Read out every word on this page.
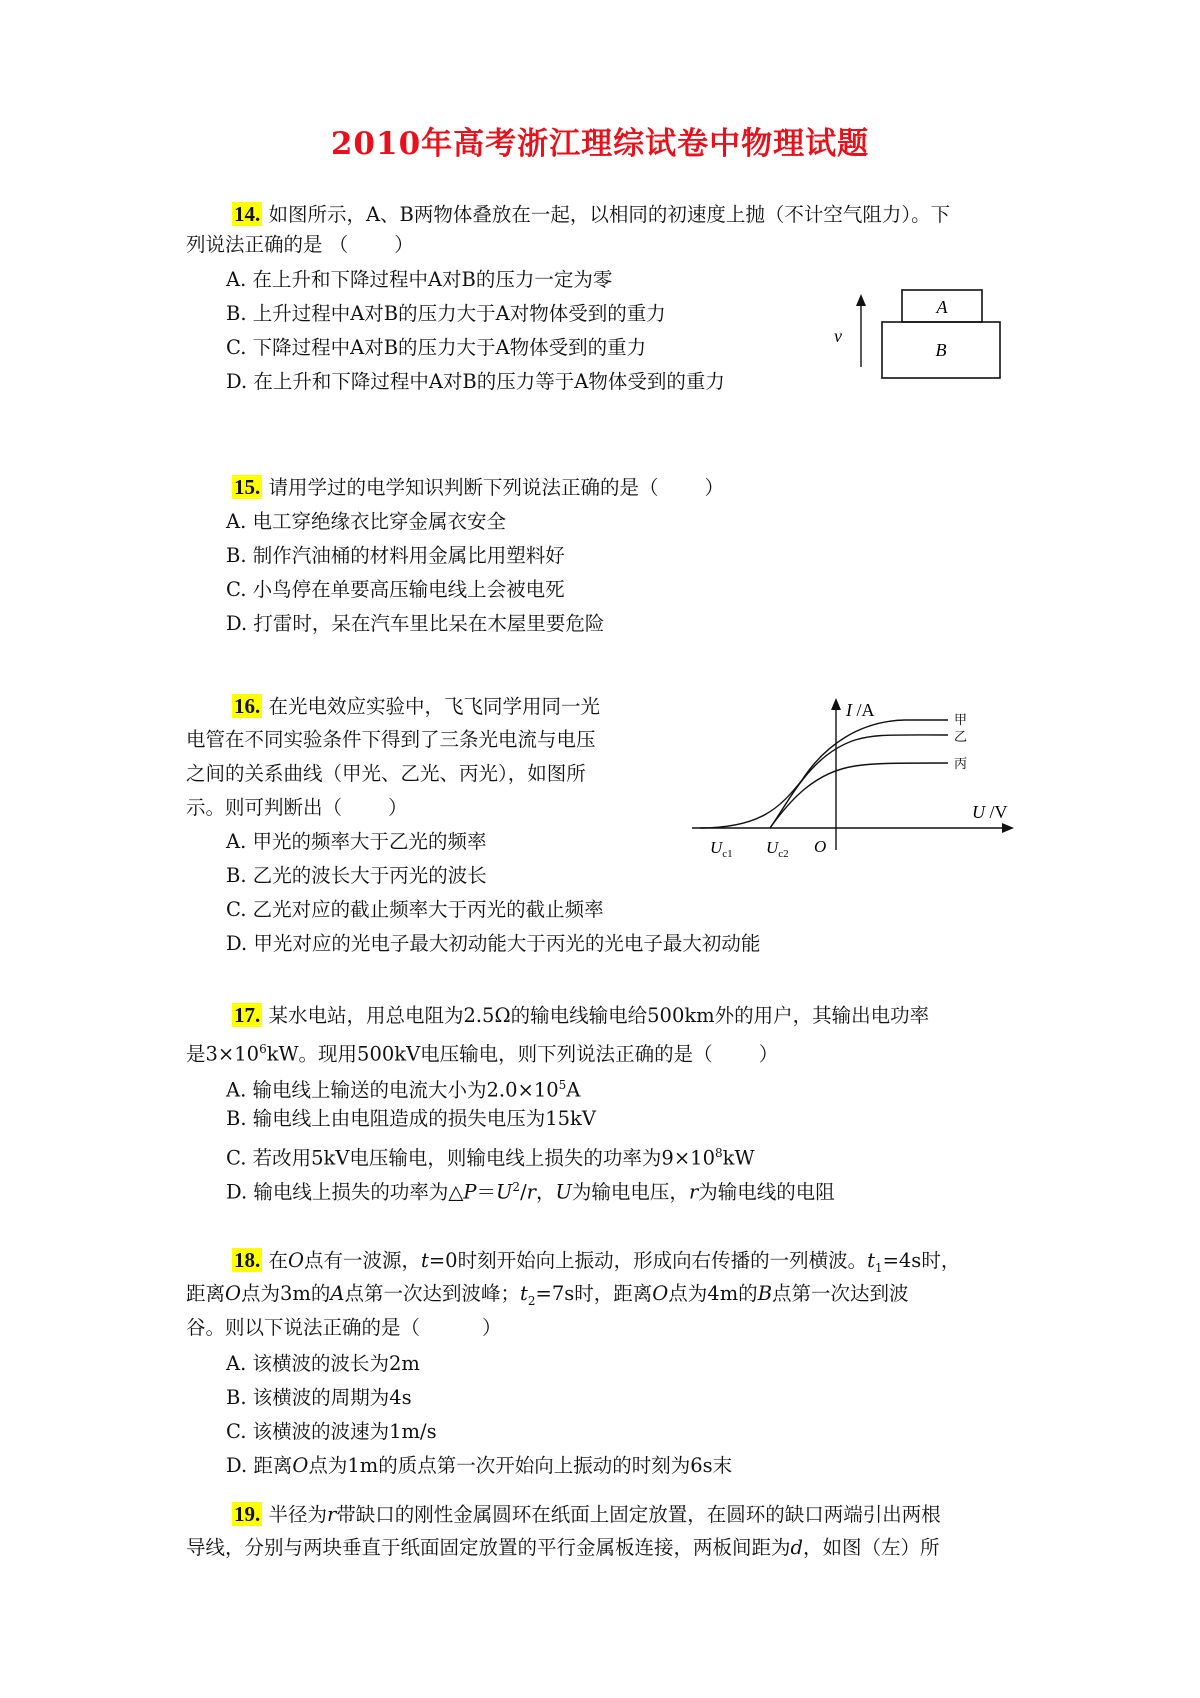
2010年高考浙江理综试卷中物理试题
14. 如图所示，A、B两物体叠放在一起，以相同的初速度上抛（不计空气阻力）。下
列说法正确的是 （ ）
A. 在上升和下降过程中A对B的压力一定为零
B. 上升过程中A对B的压力大于A对物体受到的重力
C. 下降过程中A对B的压力大于A物体受到的重力
D. 在上升和下降过程中A对B的压力等于A物体受到的重力
A
B
v
15. 请用学过的电学知识判断下列说法正确的是（ ）
A. 电工穿绝缘衣比穿金属衣安全
B. 制作汽油桶的材料用金属比用塑料好
C. 小鸟停在单要高压输电线上会被电死
D. 打雷时，呆在汽车里比呆在木屋里要危险
16. 在光电效应实验中，飞飞同学用同一光
电管在不同实验条件下得到了三条光电流与电压
之间的关系曲线（甲光、乙光、丙光），如图所
示。则可判断出（ ）
A. 甲光的频率大于乙光的频率
B. 乙光的波长大于丙光的波长
C. 乙光对应的截止频率大于丙光的截止频率
D. 甲光对应的光电子最大初动能大于丙光的光电子最大初动能
I /A
U /V
O
$U_{c1}$ $U_{c2}$
甲
乙
丙
17. 某水电站，用总电阻为2.5Ω的输电线输电给500km外的用户，其输出电功率
是$3\times 10^6kW$。现用500kV电压输电，则下列说法正确的是（ ）
A. 输电线上输送的电流大小为$2.0\times 10^5A$
B. 输电线上由电阻造成的损失电压为15kV
C. 若改用5kV电压输电，则输电线上损失的功率为$9\times 10^8kW$
D. 输电线上损失的功率为$\triangle P=U^2/r$，U为输电电压，r为输电线的电阻
18. 在O点有一波源，t=0时刻开始向上振动，形成向右传播的一列横波。$t_1=4s$时，
距离O点为3m的A点第一次达到波峰；$t_2=7s$时，距离O点为4m的B点第一次达到波
谷。则以下说法正确的是（	）
A. 该横波的波长为2m
B. 该横波的周期为4s
C. 该横波的波速为1m/s
D. 距离O点为1m的质点第一次开始向上振动的时刻为6s末
19. 半径为r带缺口的刚性金属圆环在纸面上固定放置，在圆环的缺口两端引出两根
导线，分别与两块垂直于纸面固定放置的平行金属板连接，两板间距为d，如图（左）所
